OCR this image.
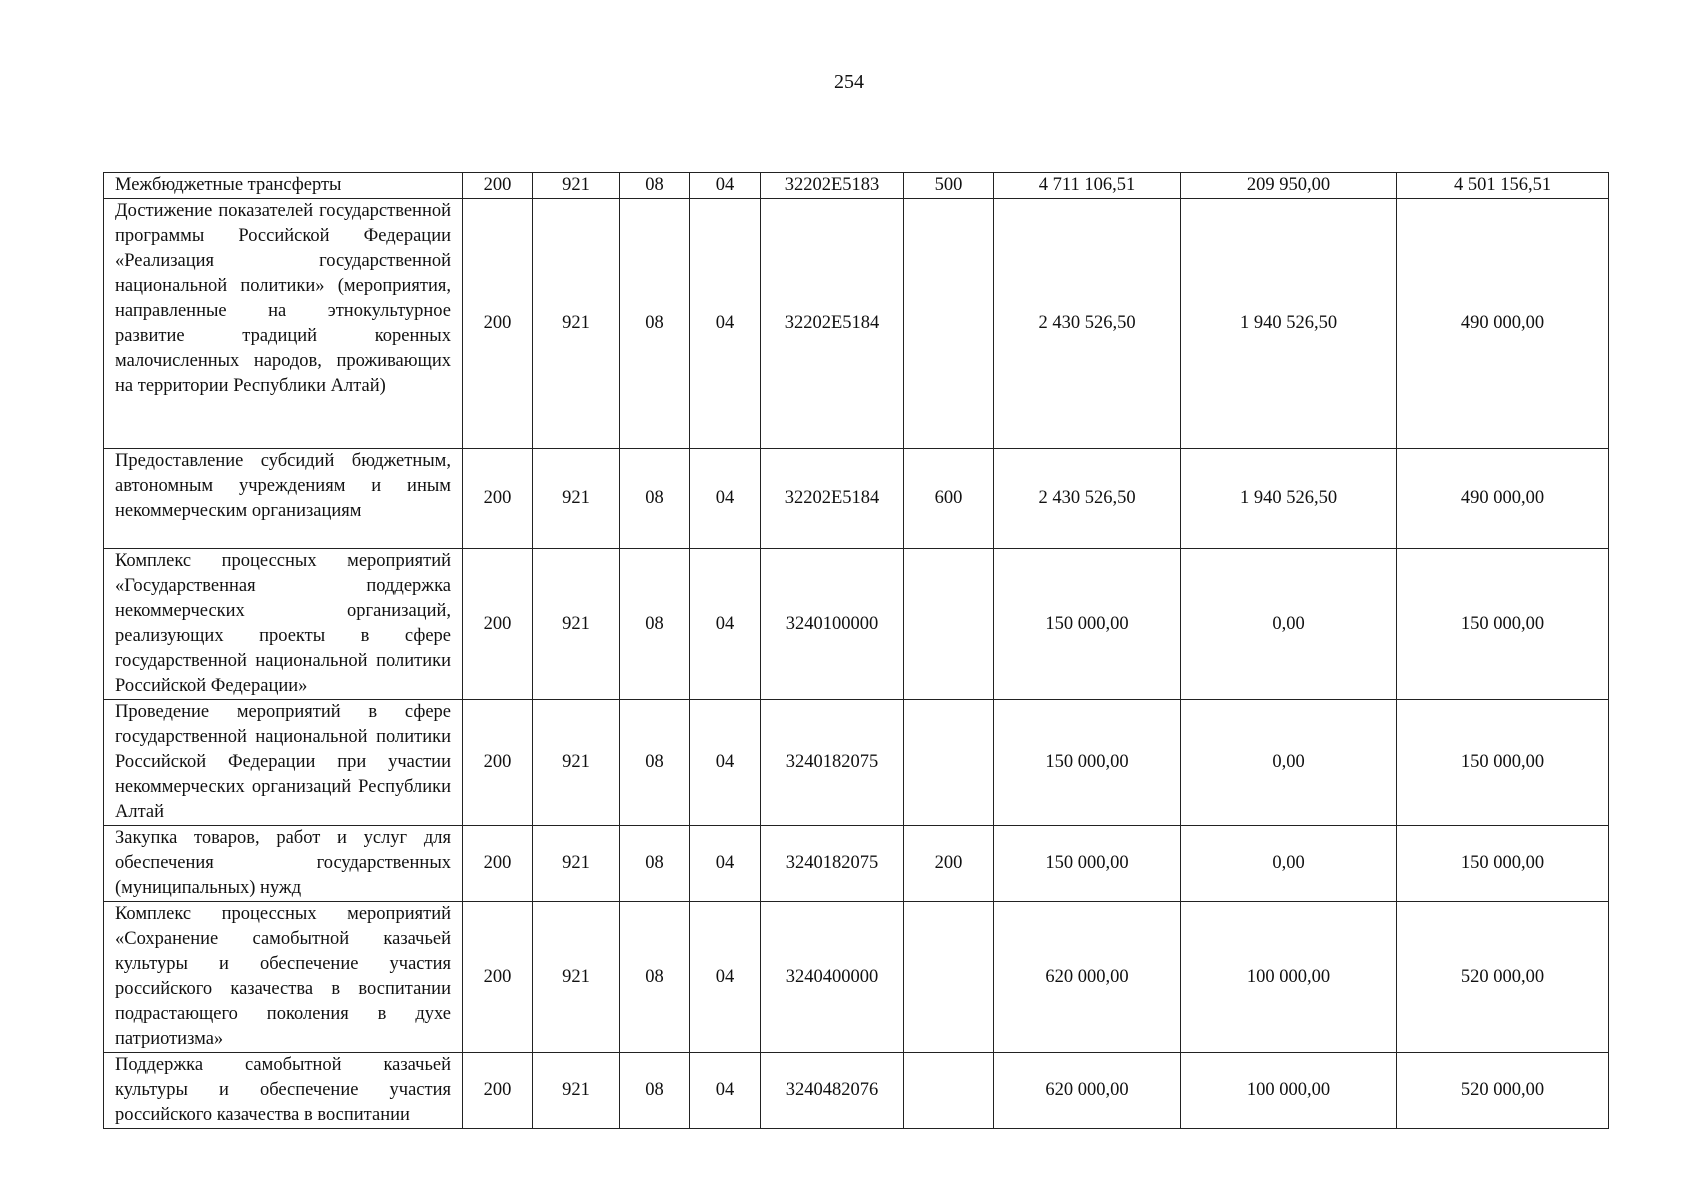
254
Межбюджетные трансферты	200	921	08	04	32202E5183	500	4 711 106,51	209 950,00	4 501 156,51
Достижение показателей государственной программы Российской Федерации «Реализация государственной национальной политики» (мероприятия, направленные на этнокультурное развитие традиций коренных малочисленных народов, проживающих на территории Республики Алтай)	200	921	08	04	32202E5184		2 430 526,50	1 940 526,50	490 000,00
Предоставление субсидий бюджетным, автономным учреждениям и иным некоммерческим организациям	200	921	08	04	32202E5184	600	2 430 526,50	1 940 526,50	490 000,00
Комплекс процессных мероприятий «Государственная поддержка некоммерческих организаций, реализующих проекты в сфере государственной национальной политики Российской Федерации»	200	921	08	04	3240100000		150 000,00	0,00	150 000,00
Проведение мероприятий в сфере государственной национальной политики Российской Федерации при участии некоммерческих организаций Республики Алтай	200	921	08	04	3240182075		150 000,00	0,00	150 000,00
Закупка товаров, работ и услуг для обеспечения государственных (муниципальных) нужд	200	921	08	04	3240182075	200	150 000,00	0,00	150 000,00
Комплекс процессных мероприятий «Сохранение самобытной казачьей культуры и обеспечение участия российского казачества в воспитании подрастающего поколения в духе патриотизма»	200	921	08	04	3240400000		620 000,00	100 000,00	520 000,00
Поддержка самобытной казачьей культуры и обеспечение участия российского казачества в воспитании	200	921	08	04	3240482076		620 000,00	100 000,00	520 000,00
